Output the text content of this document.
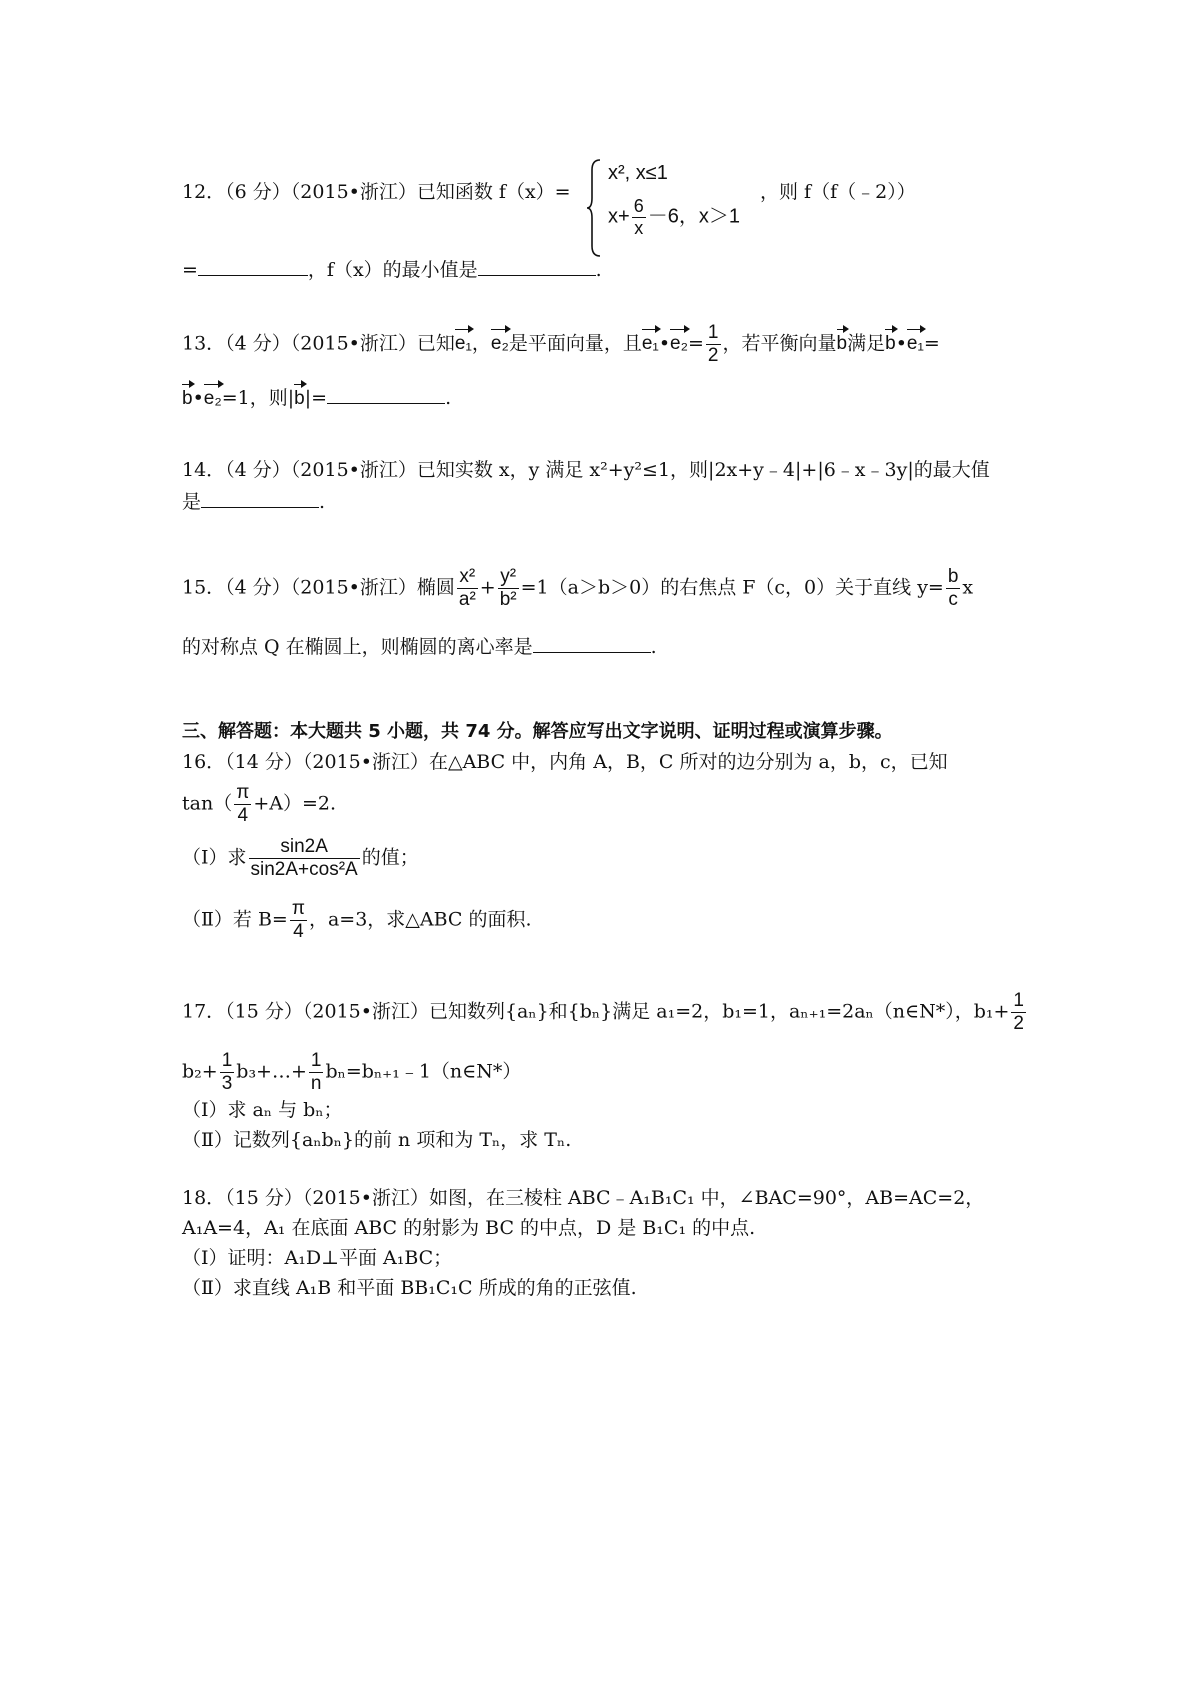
12．（6 分）（2015•浙江）已知函数 f（x）=
x², x≤1
$x+ \frac{6}{x} -6$，x＞1
，则 f（f（﹣2））
=	，f（x）的最小值是	.
13．（4 分）（2015•浙江）已知e₁，e₂是平面向量，且e₁•e₂= $\frac{1}{2}$ ，若平衡向量b满足b•e₁=
b•e₂=1，则|b|=	.
14．（4 分）（2015•浙江）已知实数 x，y 满足 x²+y²≤1，则|2x+y﹣4|+|6﹣x﹣3y|的最大值
是	.
15．（4 分）（2015•浙江）椭圆 $\frac{\text{x²}}{\text{a²}} + \frac{\text{y²}}{\text{b²}} =1(a>b>0)$的右焦点 F（c，0）关于直线 $y= \frac{b}{c}$ x
的对称点 Q 在椭圆上，则椭圆的离心率是	.
三、解答题：本大题共 5 小题，共 74 分。解答应写出文字说明、证明过程或演算步骤。
16．（14 分）（2015•浙江）在△ABC 中，内角 A，B，C 所对的边分别为 a，b，c，已知
$\tan( \frac{\pi}{4} +A)=2$.
（Ⅰ）求 $\frac{\sin 2A}{\text{sin2A+cos²A}}$ 的值；
（Ⅱ）若 $B= \frac{\pi}{4}$ ，a=3，求△ABC 的面积.
17．（15 分）（2015•浙江）已知数列{aₙ}和{bₙ}满足 a₁=2，b₁=1，aₙ₊₁=2aₙ（n∈N*），$b_1+ \frac{1}{2}$
$b_2+ \frac{1}{3}$ b₃+…+ $\frac{1}{n}$ bₙ=bₙ₊₁﹣1（n∈N*）
（Ⅰ）求 aₙ 与 bₙ；
（Ⅱ）记数列{aₙbₙ}的前 n 项和为 Tₙ，求 Tₙ.
18．（15 分）（2015•浙江）如图，在三棱柱 ABC﹣A₁B₁C₁ 中，∠BAC=90°，AB=AC=2，
A₁A=4，A₁ 在底面 ABC 的射影为 BC 的中点，D 是 B₁C₁ 的中点.
（Ⅰ）证明：A₁D⊥平面 A₁BC；
（Ⅱ）求直线 A₁B 和平面 BB₁C₁C 所成的角的正弦值.
